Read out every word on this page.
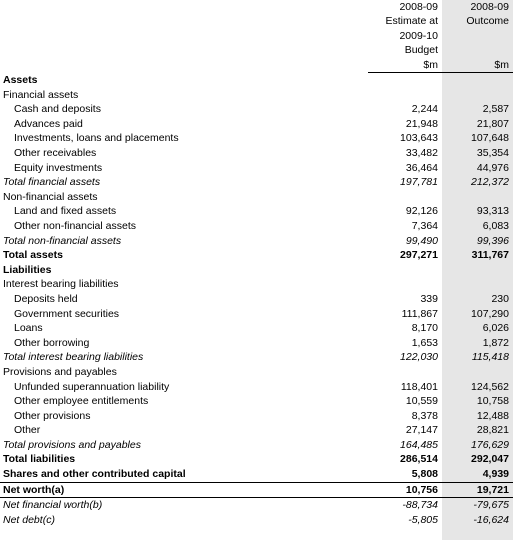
	2008-09	2008-09
	Estimate at	Outcome
	2009-10	
	Budget	
	$m	$m
Assets		
Financial assets		
Cash and deposits	2,244	2,587
Advances paid	21,948	21,807
Investments, loans and placements	103,643	107,648
Other receivables	33,482	35,354
Equity investments	36,464	44,976
Total financial assets	197,781	212,372
Non-financial assets		
Land and fixed assets	92,126	93,313
Other non-financial assets	7,364	6,083
Total non-financial assets	99,490	99,396
Total assets	297,271	311,767
Liabilities		
Interest bearing liabilities		
Deposits held	339	230
Government securities	111,867	107,290
Loans	8,170	6,026
Other borrowing	1,653	1,872
Total interest bearing liabilities	122,030	115,418
Provisions and payables		
Unfunded superannuation liability	118,401	124,562
Other employee entitlements	10,559	10,758
Other provisions	8,378	12,488
Other	27,147	28,821
Total provisions and payables	164,485	176,629
Total liabilities	286,514	292,047
Shares and other contributed capital	5,808	4,939
Net worth(a)	10,756	19,721
Net financial worth(b)	-88,734	-79,675
Net debt(c)	-5,805	-16,624
